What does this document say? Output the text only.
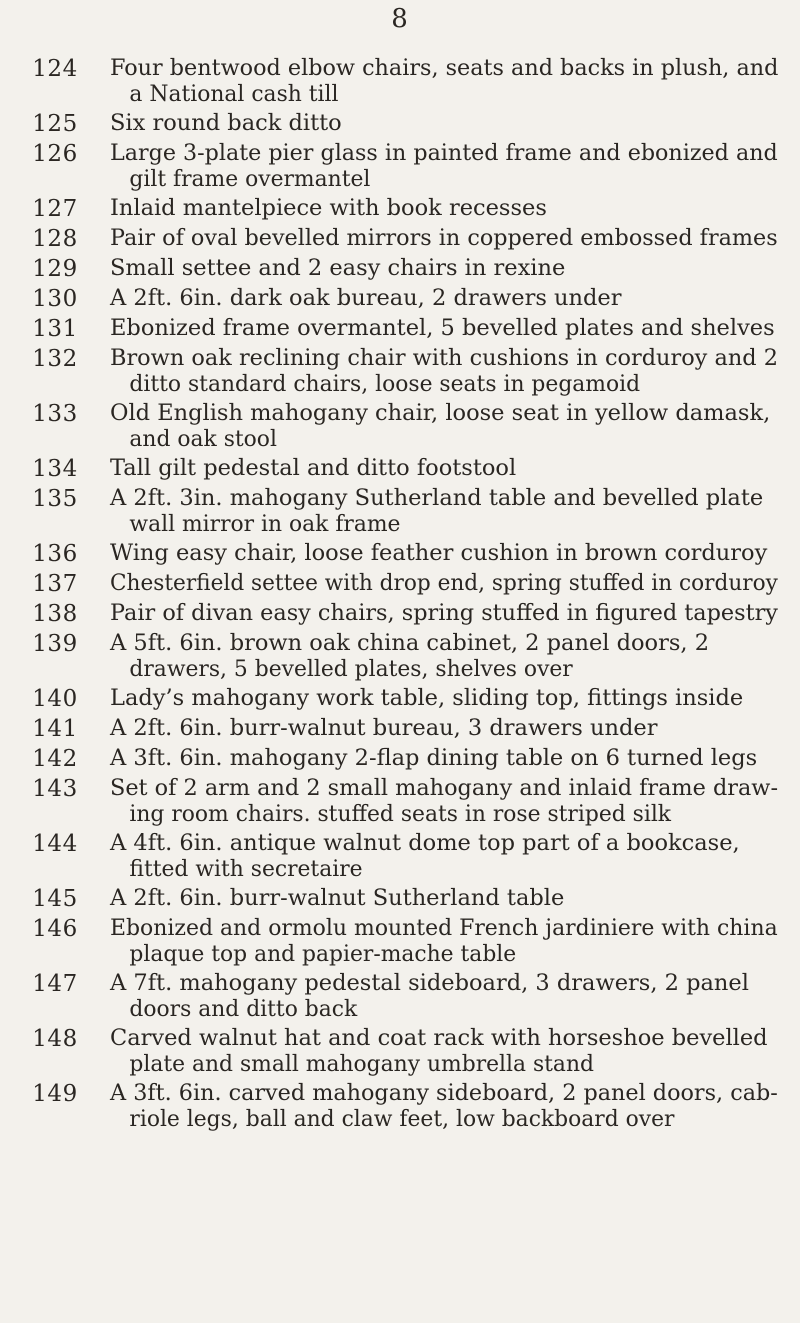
8
124	Four bentwood elbow chairs, seats and backs in plush, and
a National cash till

125	Six round back ditto

126	Large 3-plate pier glass in painted frame and ebonized and
gilt frame overmantel

127	Inlaid mantelpiece with book recesses

128	Pair of oval bevelled mirrors in coppered embossed frames

129	Small settee and 2 easy chairs in rexine

130	A 2ft. 6in. dark oak bureau, 2 drawers under

131	Ebonized frame overmantel, 5 bevelled plates and shelves

132	Brown oak reclining chair with cushions in corduroy and 2
ditto standard chairs, loose seats in pegamoid

133	Old English mahogany chair, loose seat in yellow damask,
and oak stool

134	Tall gilt pedestal and ditto footstool

135	A 2ft. 3in. mahogany Sutherland table and bevelled plate
wall mirror in oak frame

136	Wing easy chair, loose feather cushion in brown corduroy

137	Chesterfield settee with drop end, spring stuffed in corduroy

138	Pair of divan easy chairs, spring stuffed in figured tapestry

139	A 5ft. 6in. brown oak china cabinet, 2 panel doors, 2
drawers, 5 bevelled plates, shelves over

140	Lady’s mahogany work table, sliding top, fittings inside

141	A 2ft. 6in. burr-walnut bureau, 3 drawers under

142	A 3ft. 6in. mahogany 2-flap dining table on 6 turned legs

143	Set of 2 arm and 2 small mahogany and inlaid frame draw-
ing room chairs. stuffed seats in rose striped silk

144	A 4ft. 6in. antique walnut dome top part of a bookcase,
fitted with secretaire

145	A 2ft. 6in. burr-walnut Sutherland table

146	Ebonized and ormolu mounted French jardiniere with china
plaque top and papier-mache table

147	A 7ft. mahogany pedestal sideboard, 3 drawers, 2 panel
doors and ditto back

148	Carved walnut hat and coat rack with horseshoe bevelled
plate and small mahogany umbrella stand

149	A 3ft. 6in. carved mahogany sideboard, 2 panel doors, cab-
riole legs, ball and claw feet, low backboard over
